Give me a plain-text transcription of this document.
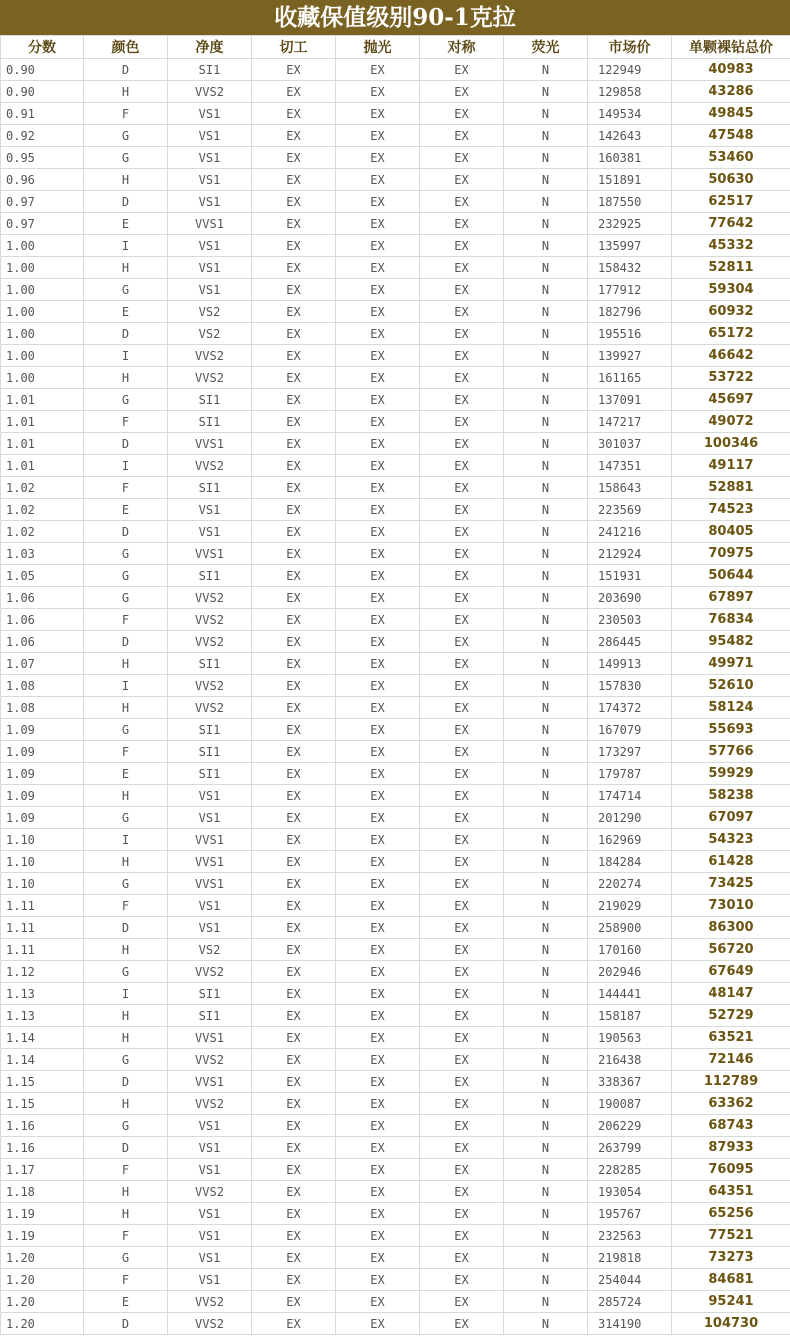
收藏保值级别90-1克拉
分数	颜色	净度	切工	抛光	对称	荧光	市场价	单颗裸钻总价
0.90	D	SI1	EX	EX	EX	N	122949	40983
0.90	H	VVS2	EX	EX	EX	N	129858	43286
0.91	F	VS1	EX	EX	EX	N	149534	49845
0.92	G	VS1	EX	EX	EX	N	142643	47548
0.95	G	VS1	EX	EX	EX	N	160381	53460
0.96	H	VS1	EX	EX	EX	N	151891	50630
0.97	D	VS1	EX	EX	EX	N	187550	62517
0.97	E	VVS1	EX	EX	EX	N	232925	77642
1.00	I	VS1	EX	EX	EX	N	135997	45332
1.00	H	VS1	EX	EX	EX	N	158432	52811
1.00	G	VS1	EX	EX	EX	N	177912	59304
1.00	E	VS2	EX	EX	EX	N	182796	60932
1.00	D	VS2	EX	EX	EX	N	195516	65172
1.00	I	VVS2	EX	EX	EX	N	139927	46642
1.00	H	VVS2	EX	EX	EX	N	161165	53722
1.01	G	SI1	EX	EX	EX	N	137091	45697
1.01	F	SI1	EX	EX	EX	N	147217	49072
1.01	D	VVS1	EX	EX	EX	N	301037	100346
1.01	I	VVS2	EX	EX	EX	N	147351	49117
1.02	F	SI1	EX	EX	EX	N	158643	52881
1.02	E	VS1	EX	EX	EX	N	223569	74523
1.02	D	VS1	EX	EX	EX	N	241216	80405
1.03	G	VVS1	EX	EX	EX	N	212924	70975
1.05	G	SI1	EX	EX	EX	N	151931	50644
1.06	G	VVS2	EX	EX	EX	N	203690	67897
1.06	F	VVS2	EX	EX	EX	N	230503	76834
1.06	D	VVS2	EX	EX	EX	N	286445	95482
1.07	H	SI1	EX	EX	EX	N	149913	49971
1.08	I	VVS2	EX	EX	EX	N	157830	52610
1.08	H	VVS2	EX	EX	EX	N	174372	58124
1.09	G	SI1	EX	EX	EX	N	167079	55693
1.09	F	SI1	EX	EX	EX	N	173297	57766
1.09	E	SI1	EX	EX	EX	N	179787	59929
1.09	H	VS1	EX	EX	EX	N	174714	58238
1.09	G	VS1	EX	EX	EX	N	201290	67097
1.10	I	VVS1	EX	EX	EX	N	162969	54323
1.10	H	VVS1	EX	EX	EX	N	184284	61428
1.10	G	VVS1	EX	EX	EX	N	220274	73425
1.11	F	VS1	EX	EX	EX	N	219029	73010
1.11	D	VS1	EX	EX	EX	N	258900	86300
1.11	H	VS2	EX	EX	EX	N	170160	56720
1.12	G	VVS2	EX	EX	EX	N	202946	67649
1.13	I	SI1	EX	EX	EX	N	144441	48147
1.13	H	SI1	EX	EX	EX	N	158187	52729
1.14	H	VVS1	EX	EX	EX	N	190563	63521
1.14	G	VVS2	EX	EX	EX	N	216438	72146
1.15	D	VVS1	EX	EX	EX	N	338367	112789
1.15	H	VVS2	EX	EX	EX	N	190087	63362
1.16	G	VS1	EX	EX	EX	N	206229	68743
1.16	D	VS1	EX	EX	EX	N	263799	87933
1.17	F	VS1	EX	EX	EX	N	228285	76095
1.18	H	VVS2	EX	EX	EX	N	193054	64351
1.19	H	VS1	EX	EX	EX	N	195767	65256
1.19	F	VS1	EX	EX	EX	N	232563	77521
1.20	G	VS1	EX	EX	EX	N	219818	73273
1.20	F	VS1	EX	EX	EX	N	254044	84681
1.20	E	VVS2	EX	EX	EX	N	285724	95241
1.20	D	VVS2	EX	EX	EX	N	314190	104730
